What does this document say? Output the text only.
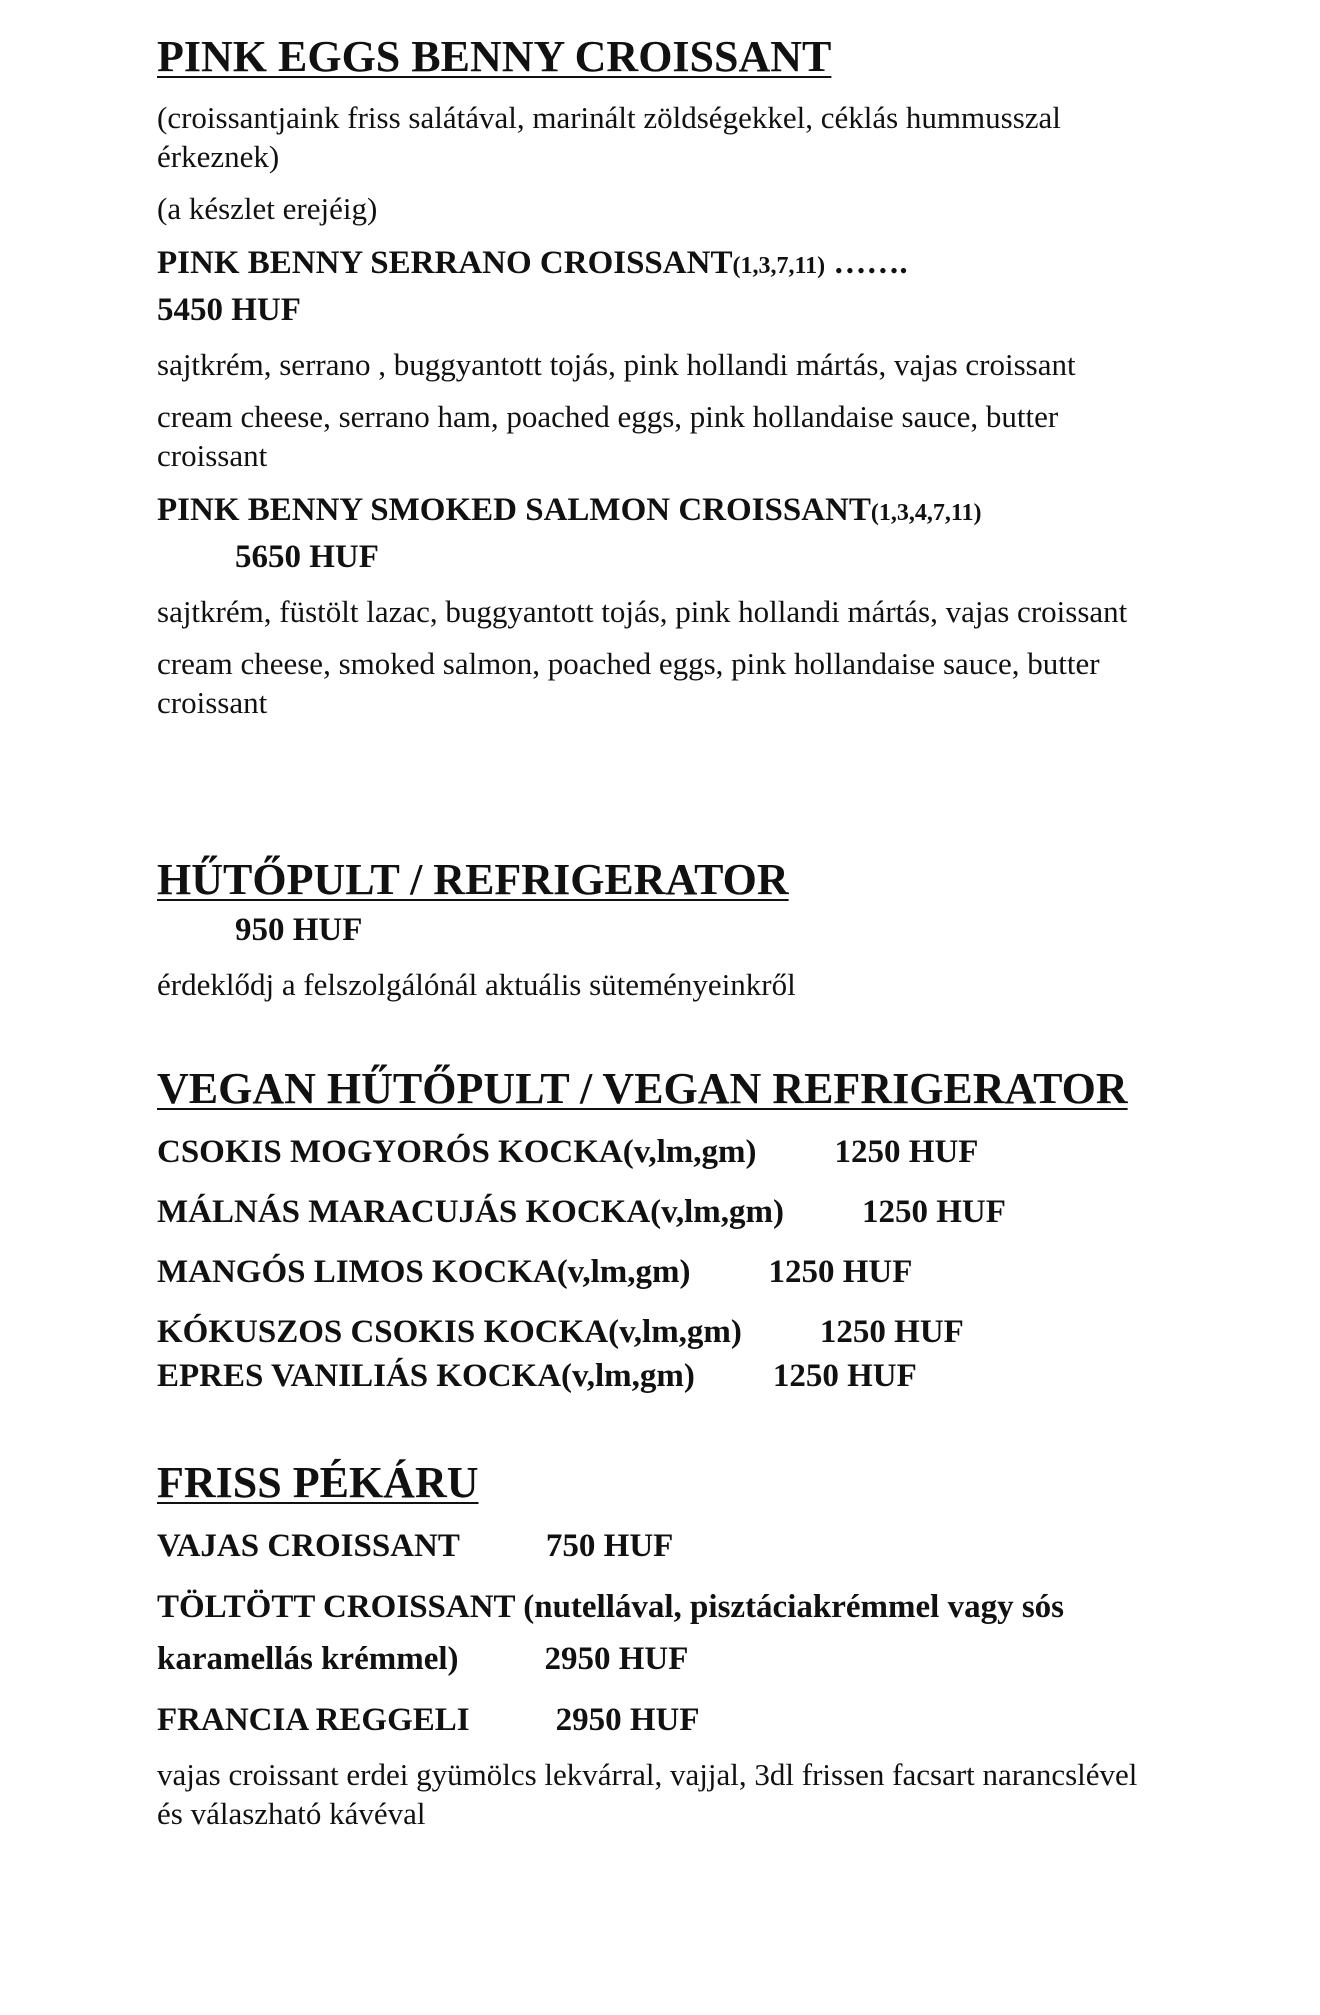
PINK EGGS BENNY CROISSANT

(croissantjaink friss salátával, marinált zöldségekkel, céklás hummusszal érkeznek)

(a készlet erejéig)

PINK BENNY SERRANO CROISSANT(1,3,7,11) …….

5450 HUF

sajtkrém, serrano , buggyantott tojás, pink hollandi mártás, vajas croissant

cream cheese, serrano ham, poached eggs, pink hollandaise sauce, butter croissant

PINK BENNY SMOKED SALMON CROISSANT(1,3,4,7,11)

5650 HUF

sajtkrém, füstölt lazac, buggyantott tojás, pink hollandi mártás, vajas croissant

cream cheese, smoked salmon, poached eggs, pink hollandaise sauce, butter croissant

HŰTŐPULT / REFRIGERATOR

950 HUF

érdeklődj a felszolgálónál aktuális süteményeinkről

VEGAN HŰTŐPULT / VEGAN REFRIGERATOR

CSOKIS MOGYORÓS KOCKA(v,lm,gm) 1250 HUF

MÁLNÁS MARACUJÁS KOCKA(v,lm,gm) 1250 HUF

MANGÓS LIMOS KOCKA(v,lm,gm) 1250 HUF

KÓKUSZOS CSOKIS KOCKA(v,lm,gm) 1250 HUF

EPRES VANILIÁS KOCKA(v,lm,gm) 1250 HUF

FRISS PÉKÁRU

VAJAS CROISSANT	750 HUF

TÖLTÖTT CROISSANT (nutellával, pisztáciakrémmel vagy sós karamellás krémmel)	2950 HUF

FRANCIA REGGELI	2950 HUF

vajas croissant erdei gyümölcs lekvárral, vajjal, 3dl frissen facsart narancslével és válaszható kávéval
